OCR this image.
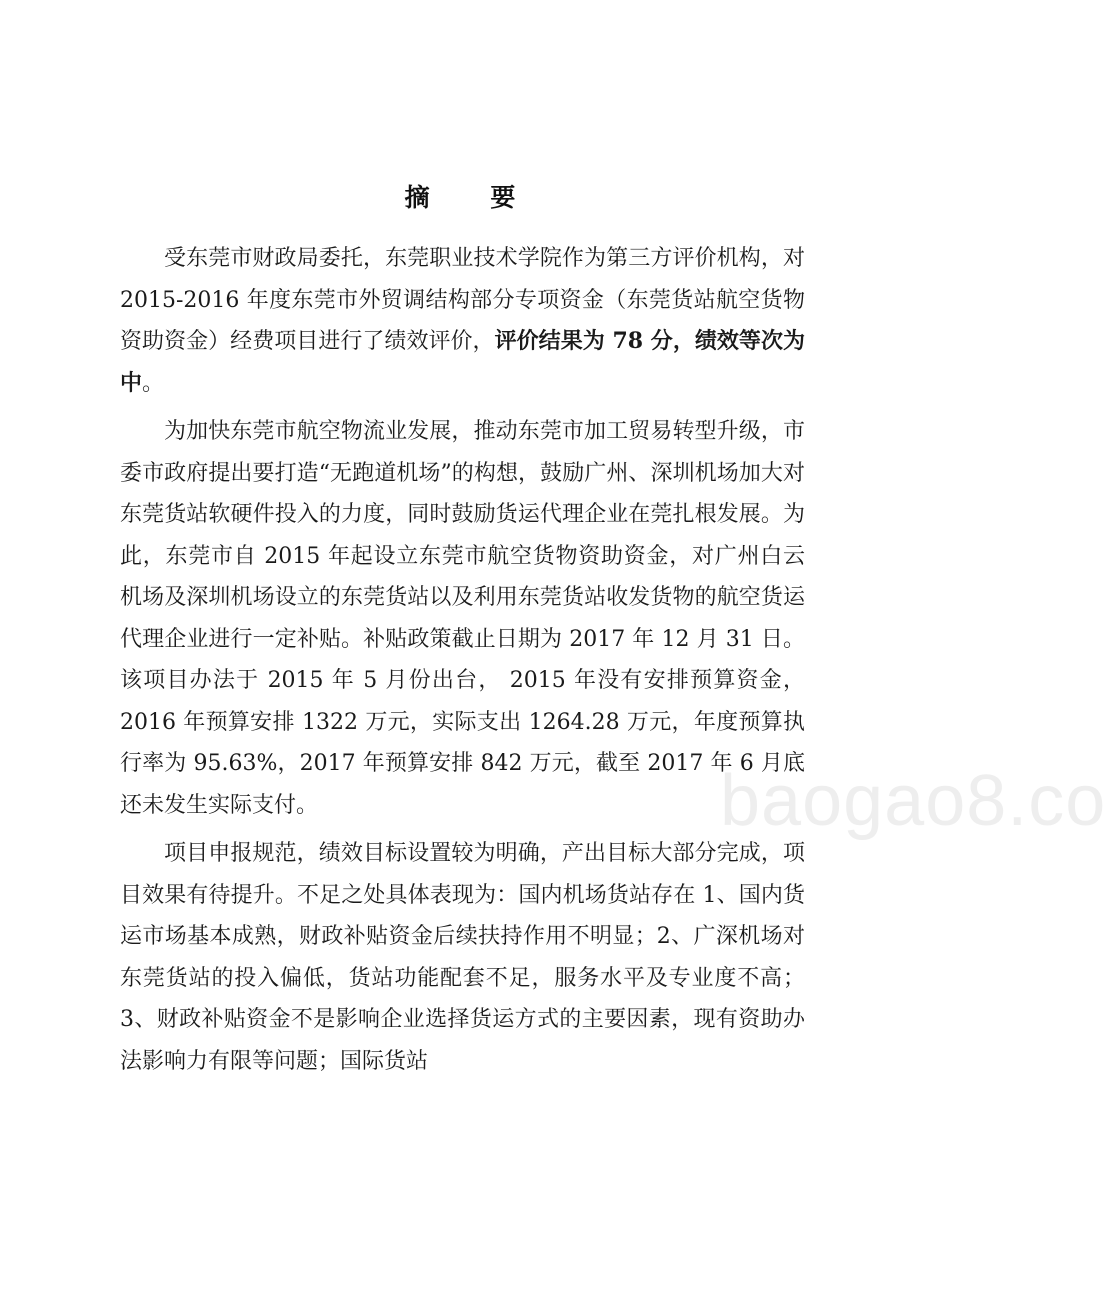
摘 要

受东莞市财政局委托，东莞职业技术学院作为第三方评价机构，对 2015-2016 年度东莞市外贸调结构部分专项资金（东莞货站航空货物资助资金）经费项目进行了绩效评价，评价结果为 78 分，绩效等次为中。

为加快东莞市航空物流业发展，推动东莞市加工贸易转型升级，市委市政府提出要打造“无跑道机场”的构想，鼓励广州、深圳机场加大对东莞货站软硬件投入的力度，同时鼓励货运代理企业在莞扎根发展。为此，东莞市自 2015 年起设立东莞市航空货物资助资金，对广州白云机场及深圳机场设立的东莞货站以及利用东莞货站收发货物的航空货运代理企业进行一定补贴。补贴政策截止日期为 2017 年 12 月 31 日。该项目办法于 2015 年 5 月份出台， 2015 年没有安排预算资金， 2016 年预算安排 1322 万元，实际支出 1264.28 万元，年度预算执行率为 95.63%，2017 年预算安排 842 万元，截至 2017 年 6 月底还未发生实际支付。

项目申报规范，绩效目标设置较为明确，产出目标大部分完成，项目效果有待提升。不足之处具体表现为：国内机场货站存在 1、国内货运市场基本成熟，财政补贴资金后续扶持作用不明显；2、广深机场对东莞货站的投入偏低，货站功能配套不足，服务水平及专业度不高；3、财政补贴资金不是影响企业选择货运方式的主要因素，现有资助办法影响力有限等问题；国际货站

baogao8.co
